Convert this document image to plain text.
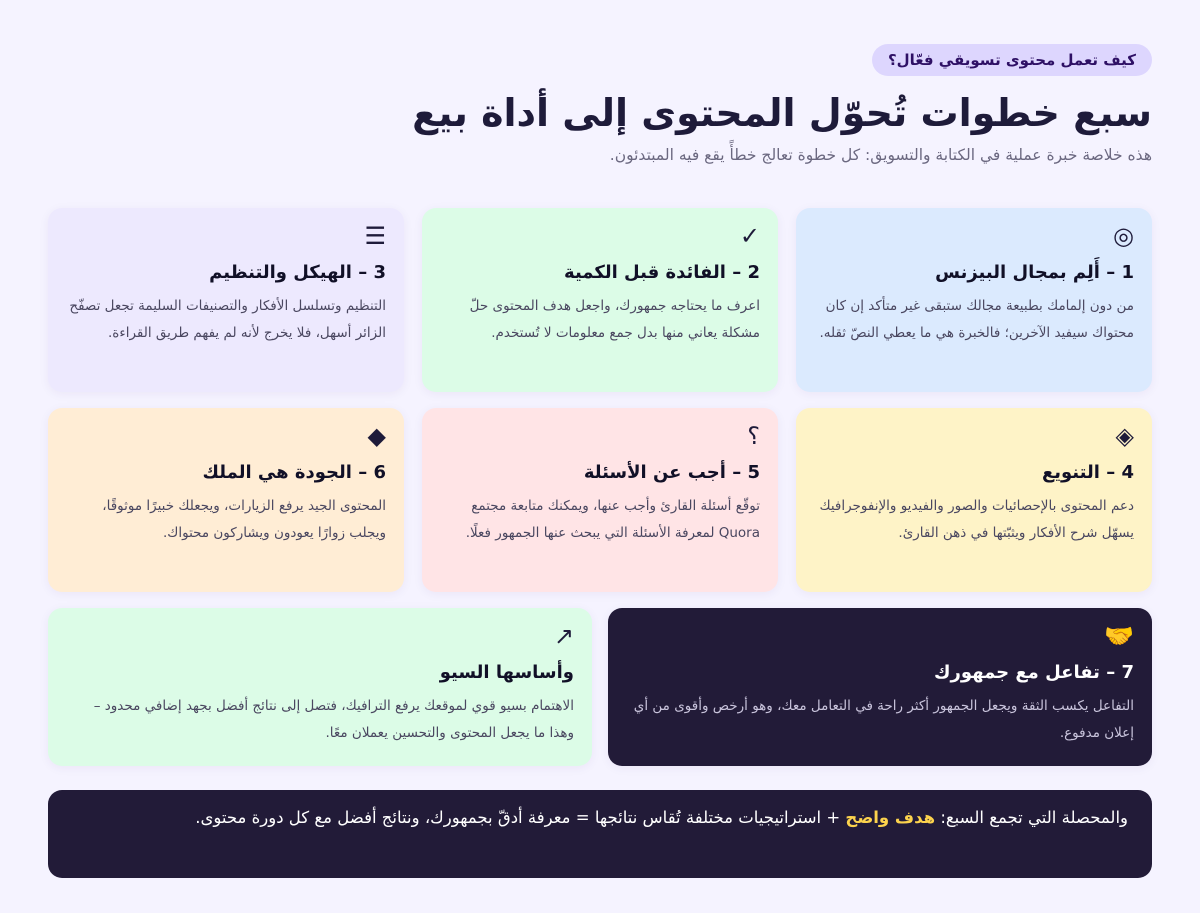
كيف تعمل محتوى تسويقي فعّال؟
سبع خطوات تُحوّل المحتوى إلى أداة بيع

هذه خلاصة خبرة عملية في الكتابة والتسويق: كل خطوة تعالج خطأً يقع فيه المبتدئون.

◎
1 – أَلِم بمجال البيزنس
من دون إلمامك بطبيعة مجالك ستبقى غير متأكد إن كان محتواك سيفيد الآخرين؛ فالخبرة هي ما يعطي النصّ ثقله.
✓
2 – الفائدة قبل الكمية
اعرف ما يحتاجه جمهورك، واجعل هدف المحتوى حلّ مشكلة يعاني منها بدل جمع معلومات لا تُستخدم.
☰
3 – الهيكل والتنظيم
التنظيم وتسلسل الأفكار والتصنيفات السليمة تجعل تصفّح الزائر أسهل، فلا يخرج لأنه لم يفهم طريق القراءة.
◈
4 – التنويع
دعم المحتوى بالإحصائيات والصور والفيديو والإنفوجرافيك يسهّل شرح الأفكار ويثبّتها في ذهن القارئ.
؟
5 – أجب عن الأسئلة
توقّع أسئلة القارئ وأجب عنها، ويمكنك متابعة مجتمع Quora لمعرفة الأسئلة التي يبحث عنها الجمهور فعلًا.
◆
6 – الجودة هي الملك
المحتوى الجيد يرفع الزيارات، ويجعلك خبيرًا موثوقًا، ويجلب زوارًا يعودون ويشاركون محتواك.
🤝
7 – تفاعل مع جمهورك
التفاعل يكسب الثقة ويجعل الجمهور أكثر راحة في التعامل معك، وهو أرخص وأقوى من أي إعلان مدفوع.
↗
وأساسها السيو
الاهتمام بسيو قوي لموقعك يرفع الترافيك، فتصل إلى نتائج أفضل بجهد إضافي محدود – وهذا ما يجعل المحتوى والتحسين يعملان معًا.
والمحصلة التي تجمع السبع: هدف واضح + استراتيجيات مختلفة تُقاس نتائجها = معرفة أدقّ بجمهورك، ونتائج أفضل مع كل دورة محتوى.
